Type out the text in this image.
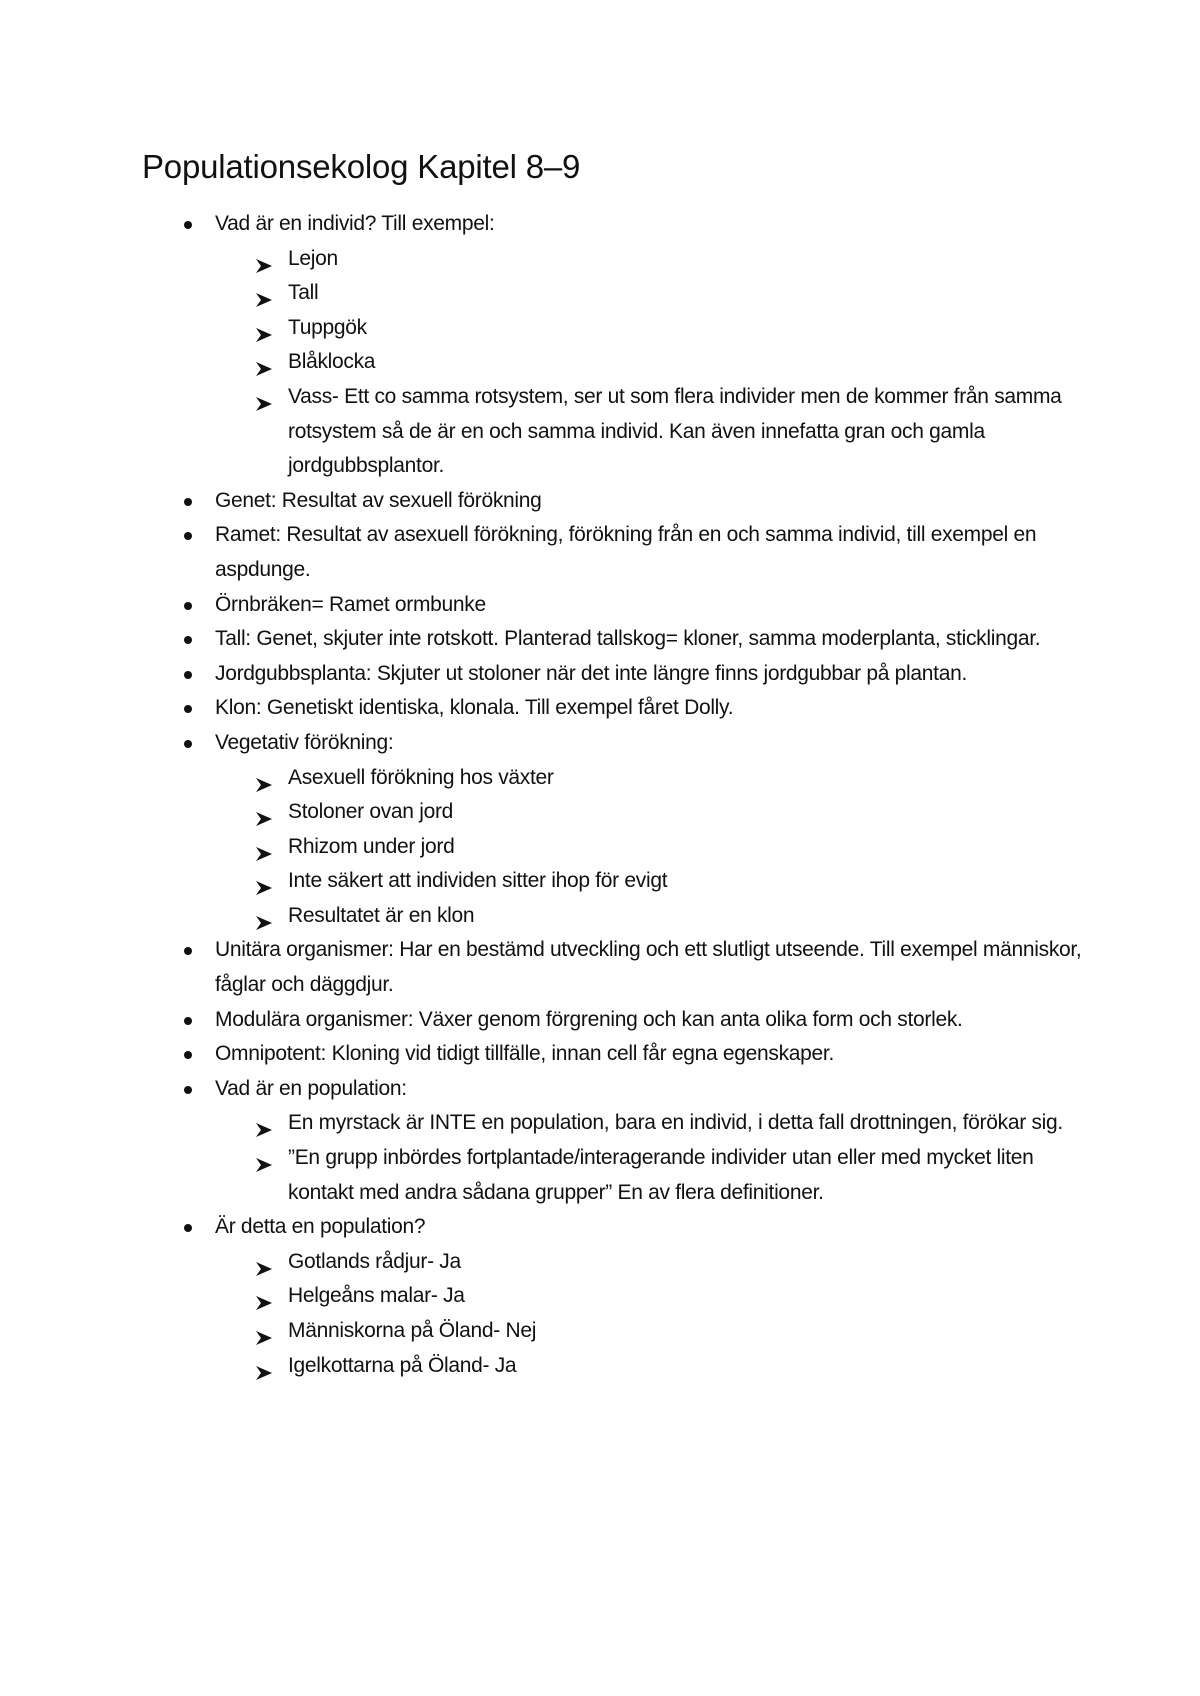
Populationsekolog Kapitel 8–9
Vad är en individ? Till exempel:
Lejon
Tall
Tuppgök
Blåklocka
Vass- Ett co samma rotsystem, ser ut som flera individer men de kommer från samma rotsystem så de är en och samma individ. Kan även innefatta gran och gamla jordgubbsplantor.
Genet: Resultat av sexuell förökning
Ramet: Resultat av asexuell förökning, förökning från en och samma individ, till exempel en aspdunge.
Örnbräken= Ramet ormbunke
Tall: Genet, skjuter inte rotskott. Planterad tallskog= kloner, samma moderplanta, sticklingar.
Jordgubbsplanta: Skjuter ut stoloner när det inte längre finns jordgubbar på plantan.
Klon: Genetiskt identiska, klonala. Till exempel fåret Dolly.
Vegetativ förökning:
Asexuell förökning hos växter
Stoloner ovan jord
Rhizom under jord
Inte säkert att individen sitter ihop för evigt
Resultatet är en klon
Unitära organismer: Har en bestämd utveckling och ett slutligt utseende. Till exempel människor, fåglar och däggdjur.
Modulära organismer: Växer genom förgrening och kan anta olika form och storlek.
Omnipotent: Kloning vid tidigt tillfälle, innan cell får egna egenskaper.
Vad är en population:
En myrstack är INTE en population, bara en individ, i detta fall drottningen, förökar sig.
”En grupp inbördes fortplantade/interagerande individer utan eller med mycket liten kontakt med andra sådana grupper” En av flera definitioner.
Är detta en population?
Gotlands rådjur- Ja
Helgeåns malar- Ja
Människorna på Öland- Nej
Igelkottarna på Öland- Ja
